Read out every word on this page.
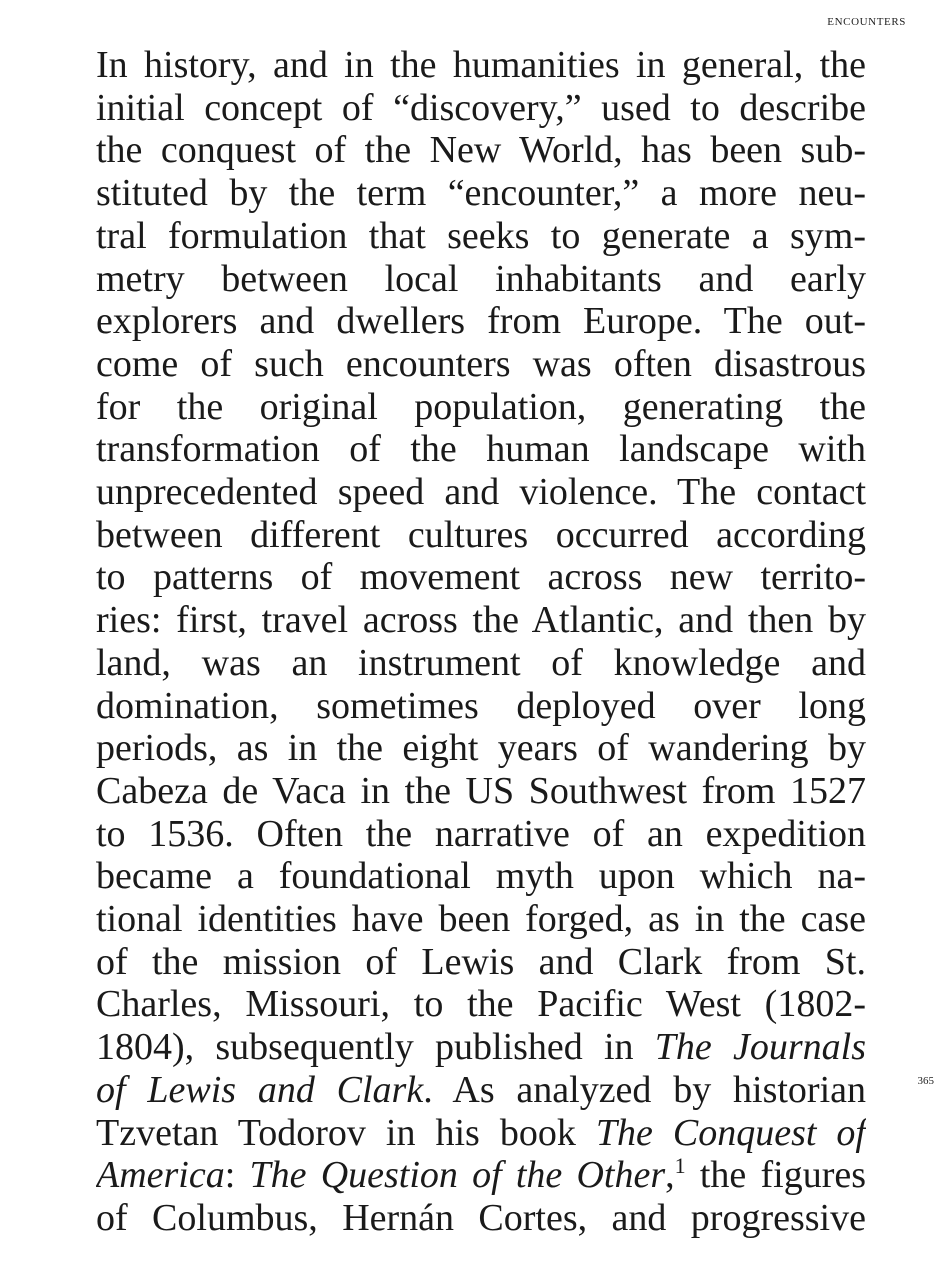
ENCOUNTERS
365
In history, and in the humanities in general, the
initial concept of “discovery,” used to describe
the conquest of the New World, has been sub-
stituted by the term “encounter,” a more neu-
tral formulation that seeks to generate a sym-
metry between local inhabitants and early
explorers and dwellers from Europe. The out-
come of such encounters was often disastrous
for the original population, generating the
transformation of the human landscape with
unprecedented speed and violence. The contact
between different cultures occurred according
to patterns of movement across new territo-
ries: first, travel across the Atlantic, and then by
land, was an instrument of knowledge and
domination, sometimes deployed over long
periods, as in the eight years of wandering by
Cabeza de Vaca in the US Southwest from 1527
to 1536. Often the narrative of an expedition
became a foundational myth upon which na-
tional identities have been forged, as in the case
of the mission of Lewis and Clark from St.
Charles, Missouri, to the Pacific West (1802-
1804), subsequently published in The Journals
of Lewis and Clark. As analyzed by historian
Tzvetan Todorov in his book The Conquest of
America: The Question of the Other,$^1$ the figures
of Columbus, Hernán Cortes, and progressive
